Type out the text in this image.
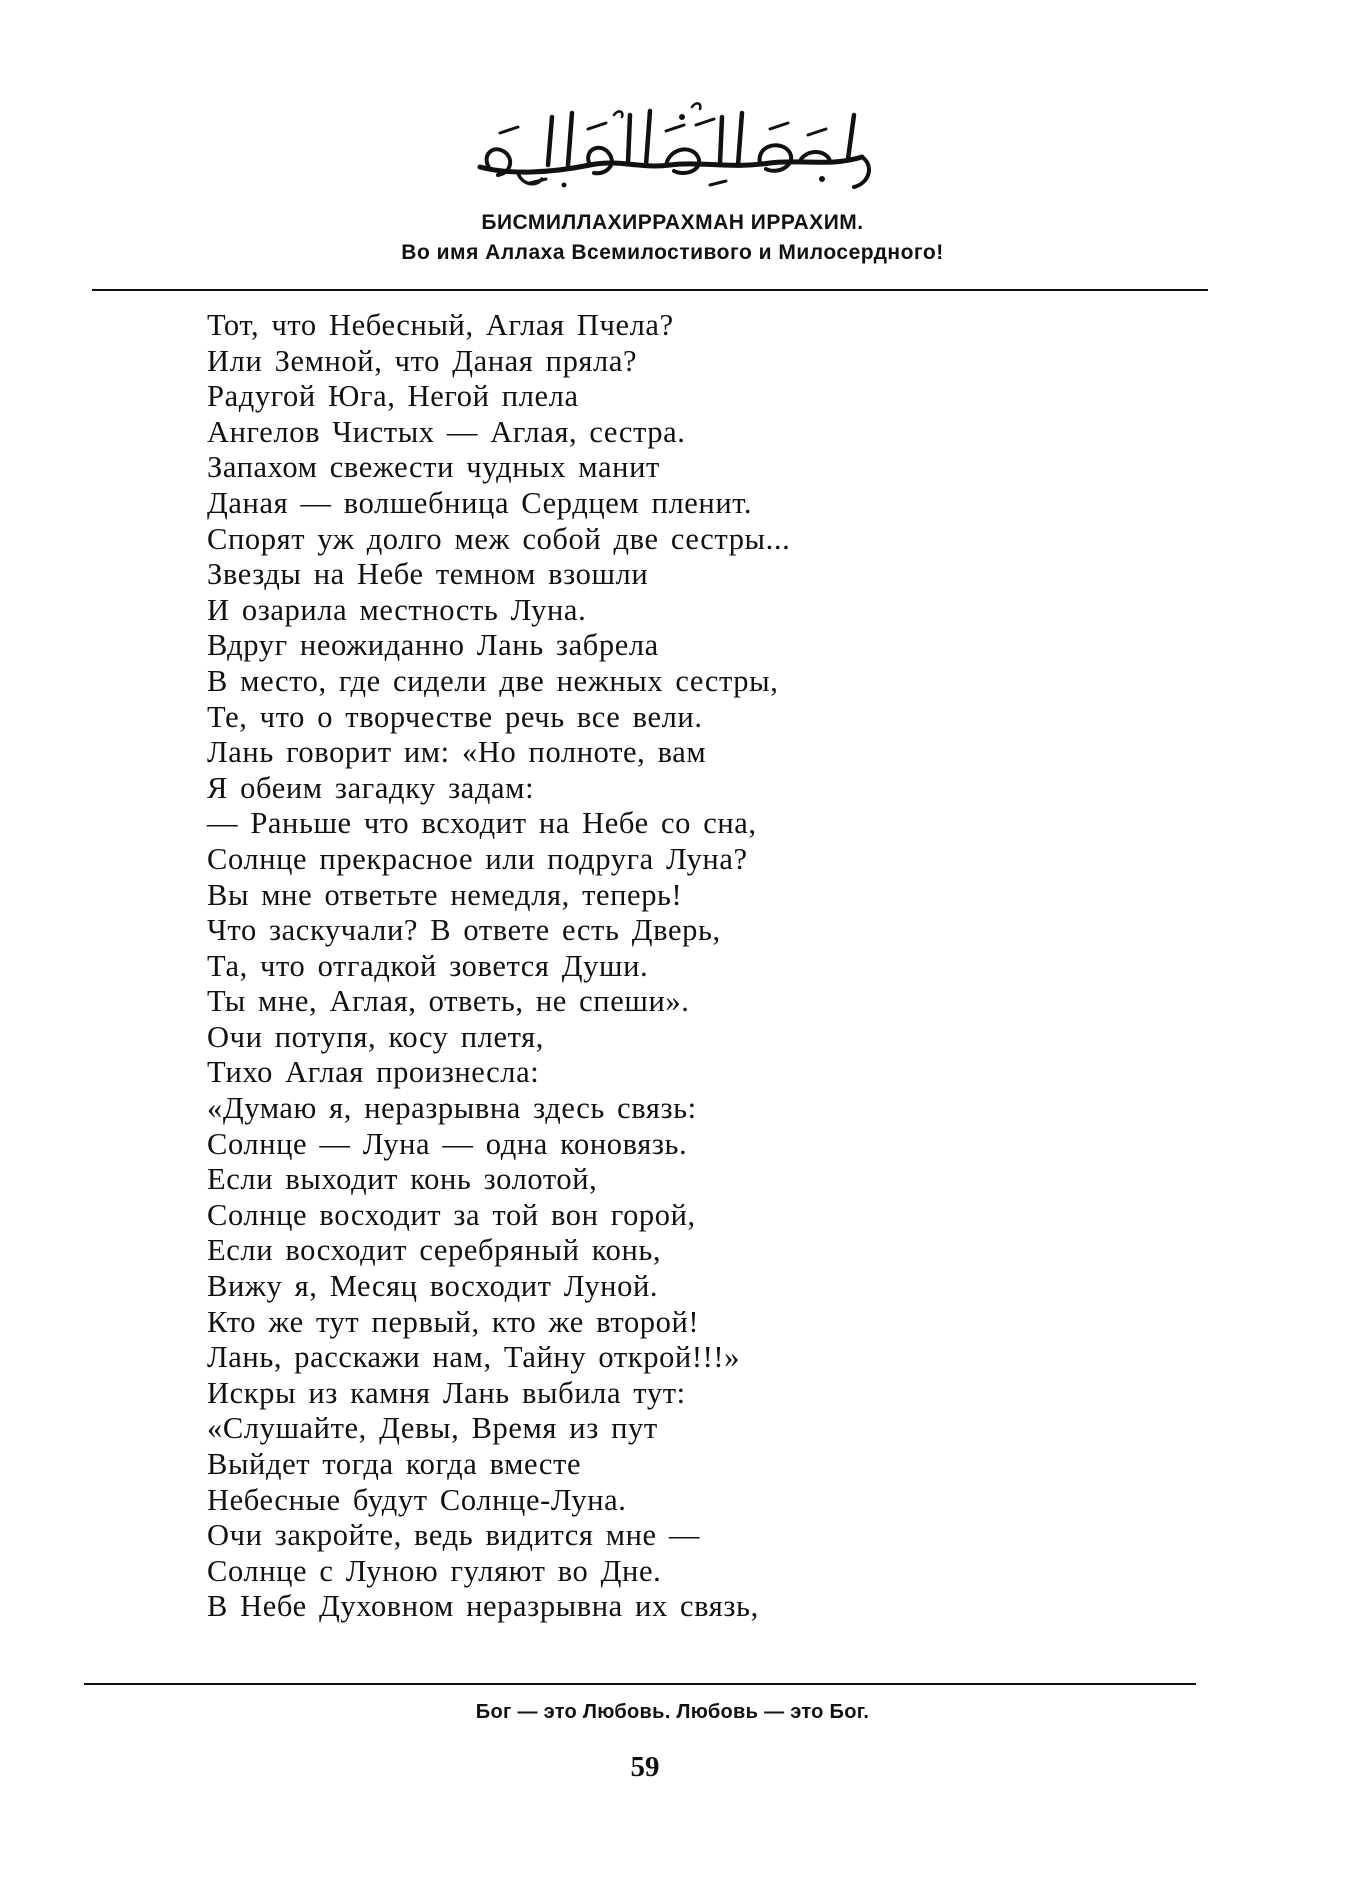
БИСМИЛЛАХИРРАХМАН ИРРАХИМ.
Во имя Аллаха Всемилостивого и Милосердного!
Тот, что Небесный, Аглая Пчела?
Или Земной, что Даная пряла?
Радугой Юга, Негой плела
Ангелов Чистых — Аглая, сестра.
Запахом свежести чудных манит
Даная — волшебница Сердцем пленит.
Спорят уж долго меж собой две сестры...
Звезды на Небе темном взошли
И озарила местность Луна.
Вдруг неожиданно Лань забрела
В место, где сидели две нежных сестры,
Те, что о творчестве речь все вели.
Лань говорит им: «Но полноте, вам
Я обеим загадку задам:
— Раньше что всходит на Небе со сна,
Солнце прекрасное или подруга Луна?
Вы мне ответьте немедля, теперь!
Что заскучали? В ответе есть Дверь,
Та, что отгадкой зовется Души.
Ты мне, Аглая, ответь, не спеши».
Очи потупя, косу плетя,
Тихо Аглая произнесла:
«Думаю я, неразрывна здесь связь:
Солнце — Луна — одна коновязь.
Если выходит конь золотой,
Солнце восходит за той вон горой,
Если восходит серебряный конь,
Вижу я, Месяц восходит Луной.
Кто же тут первый, кто же второй!
Лань, расскажи нам, Тайну открой!!!»
Искры из камня Лань выбила тут:
«Слушайте, Девы, Время из пут
Выйдет тогда когда вместе
Небесные будут Солнце-Луна.
Очи закройте, ведь видится мне —
Солнце с Луною гуляют во Дне.
В Небе Духовном неразрывна их связь,
Бог — это Любовь. Любовь — это Бог.
59
